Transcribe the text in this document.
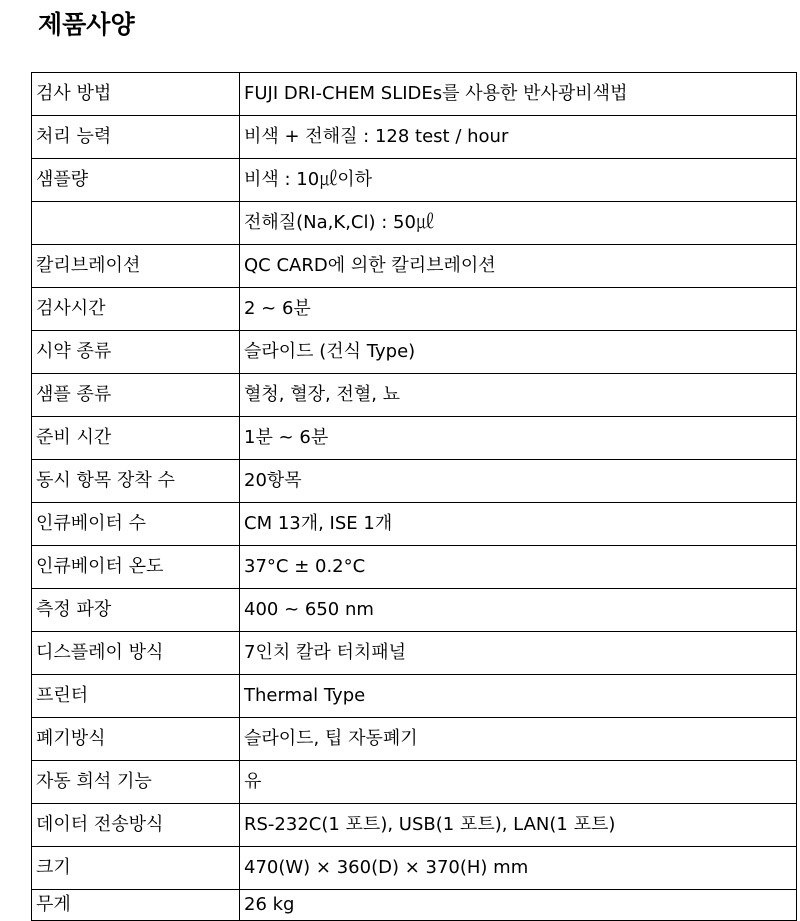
제품사양
검사 방법	FUJI DRI-CHEM SLIDEs를 사용한 반사광비색법
처리 능력	비색 + 전해질 : 128 test / hour
샘플량	비색 : 10㎕이하
	전해질(Na,K,Cl) : 50㎕
칼리브레이션	QC CARD에 의한 칼리브레이션
검사시간	2 ~ 6분
시약 종류	슬라이드 (건식 Type)
샘플 종류	혈청, 혈장, 전혈, 뇨
준비 시간	1분 ~ 6분
동시 항목 장착 수	20항목
인큐베이터 수	CM 13개, ISE 1개
인큐베이터 온도	37°C ± 0.2°C
측정 파장	400 ~ 650 nm
디스플레이 방식	7인치 칼라 터치패널
프린터	Thermal Type
폐기방식	슬라이드, 팁 자동폐기
자동 희석 기능	유
데이터 전송방식	RS-232C(1 포트), USB(1 포트), LAN(1 포트)
크기	470(W) × 360(D) × 370(H) mm
무게	26 kg
